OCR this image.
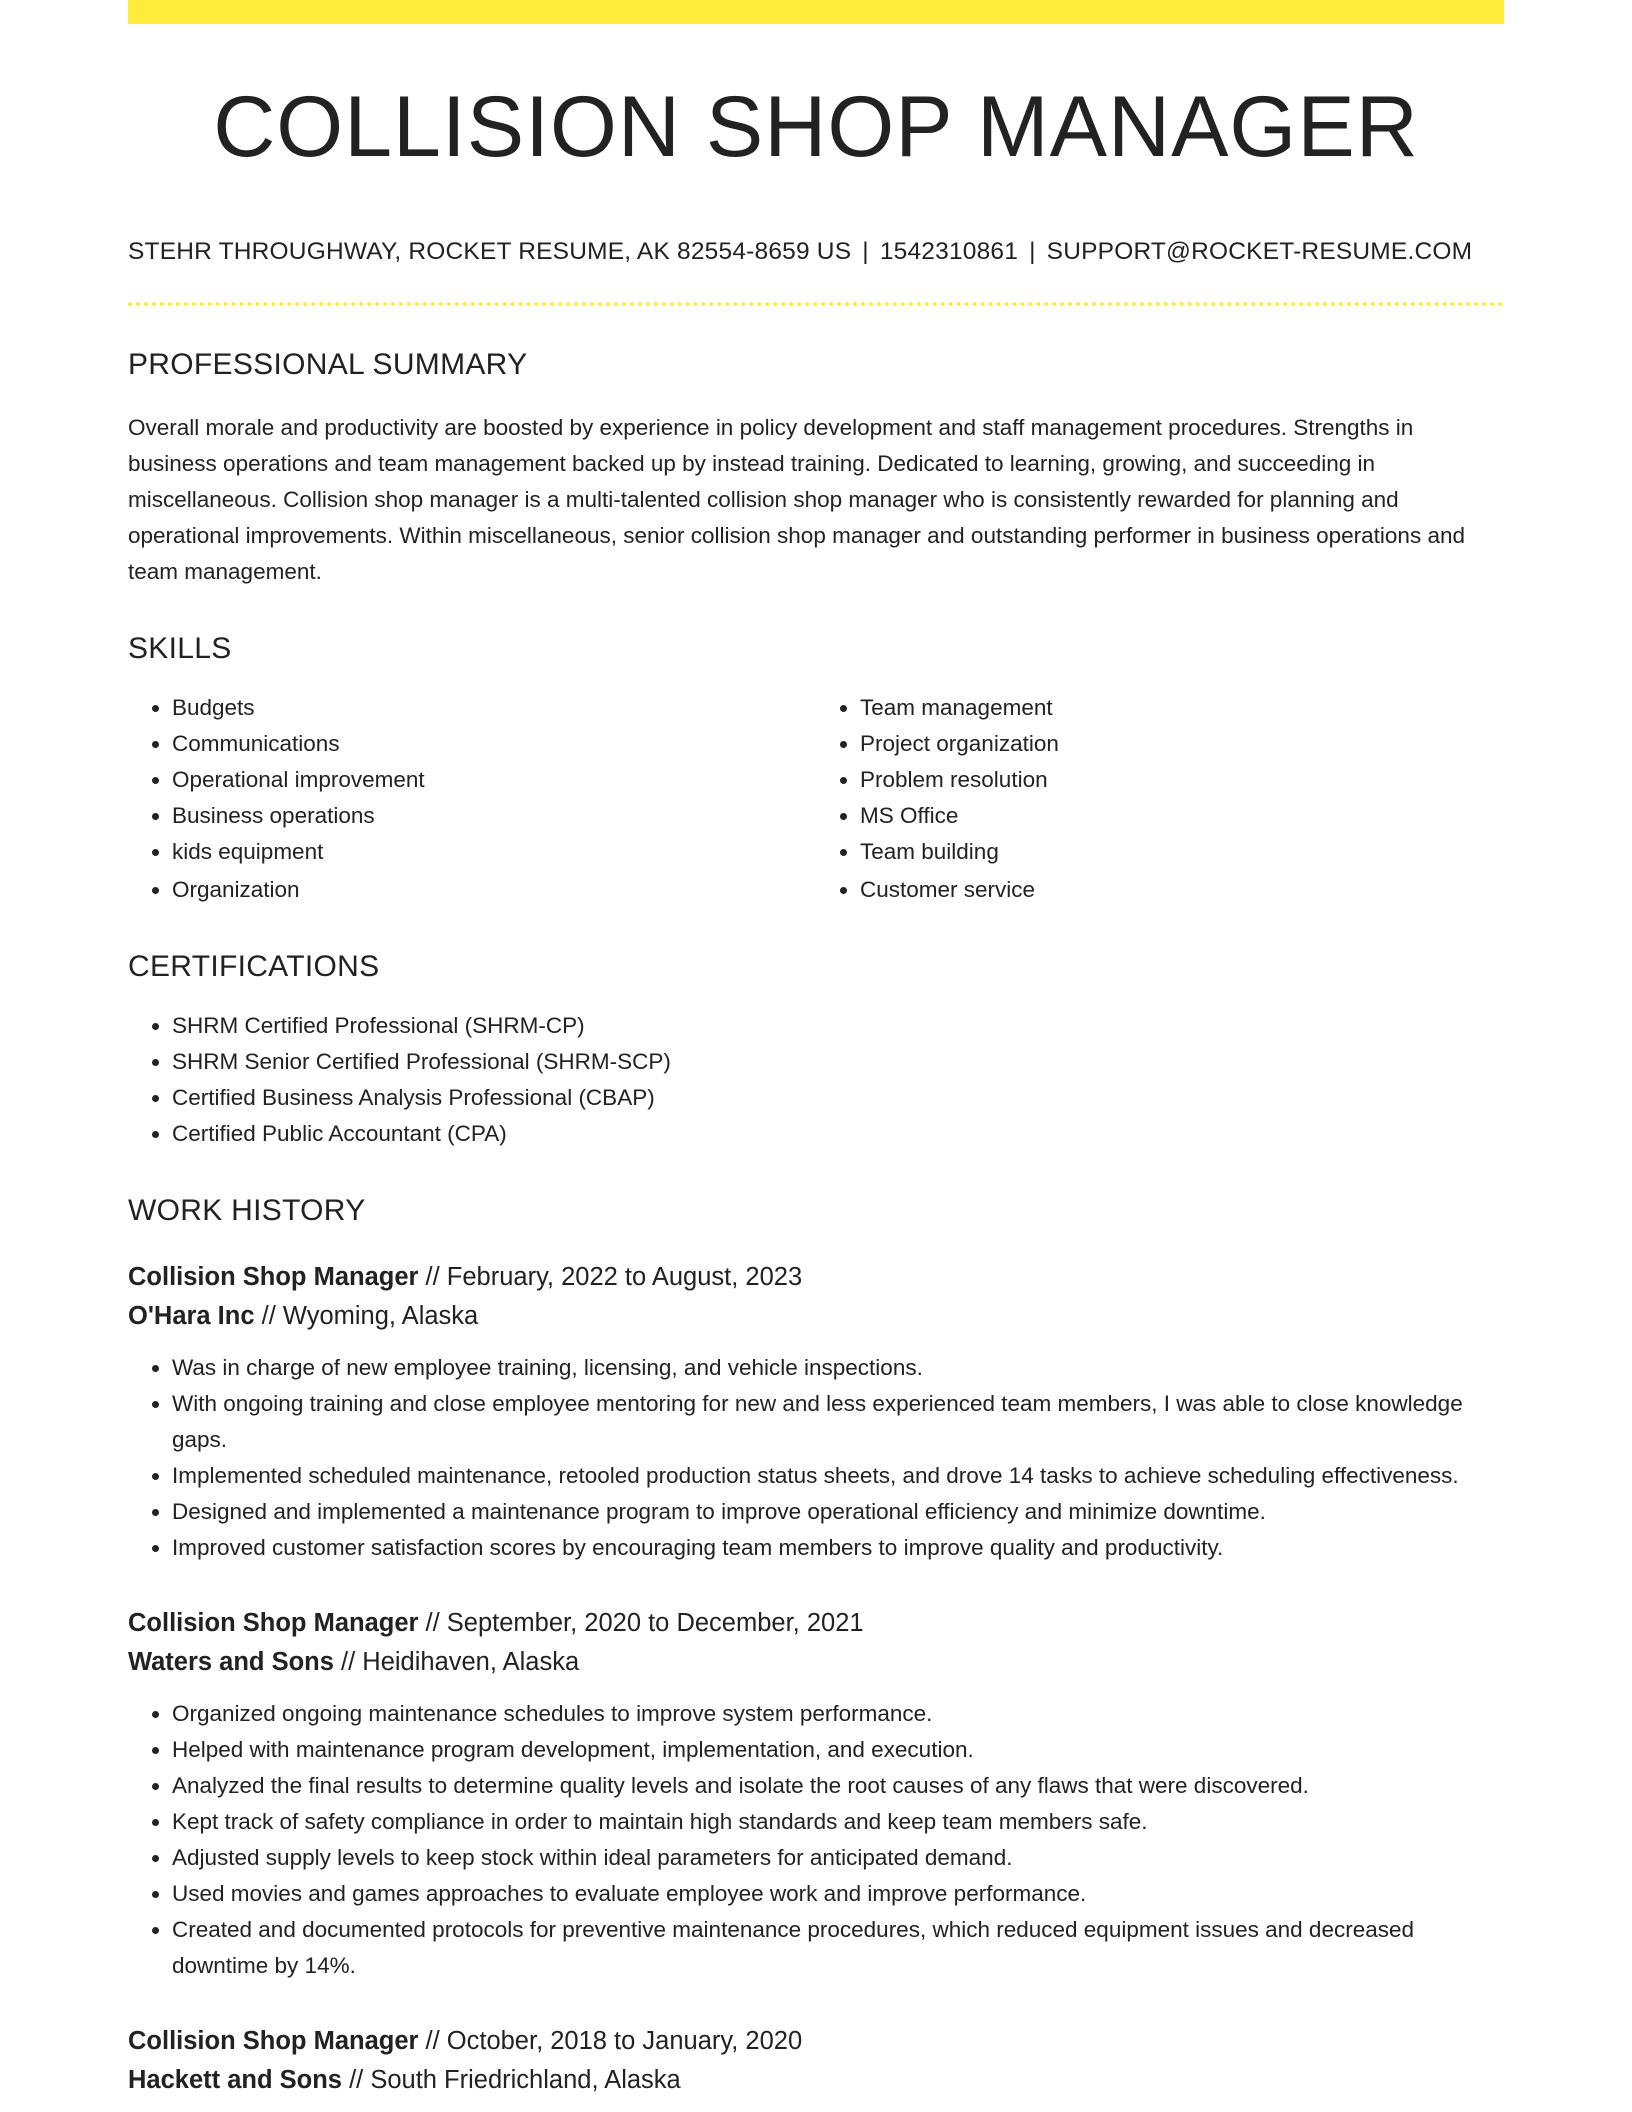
COLLISION SHOP MANAGER
STEHR THROUGHWAY, ROCKET RESUME, AK 82554-8659 US | 1542310861 | SUPPORT@ROCKET-RESUME.COM
PROFESSIONAL SUMMARY

Overall morale and productivity are boosted by experience in policy development and staff management procedures. Strengths in business operations and team management backed up by instead training. Dedicated to learning, growing, and succeeding in miscellaneous. Collision shop manager is a multi-talented collision shop manager who is consistently rewarded for planning and operational improvements. Within miscellaneous, senior collision shop manager and outstanding performer in business operations and team management.

SKILLS
• Budgets
• Communications
• Operational improvement
• Business operations
• kids equipment
• Organization
• Team management
• Project organization
• Problem resolution
• MS Office
• Team building
• Customer service
CERTIFICATIONS
• SHRM Certified Professional (SHRM-CP)
• SHRM Senior Certified Professional (SHRM-SCP)
• Certified Business Analysis Professional (CBAP)
• Certified Public Accountant (CPA)
WORK HISTORY
Collision Shop Manager // February, 2022 to August, 2023
O'Hara Inc // Wyoming, Alaska
• Was in charge of new employee training, licensing, and vehicle inspections.
• With ongoing training and close employee mentoring for new and less experienced team members, I was able to close knowledge gaps.
• Implemented scheduled maintenance, retooled production status sheets, and drove 14 tasks to achieve scheduling effectiveness.
• Designed and implemented a maintenance program to improve operational efficiency and minimize downtime.
• Improved customer satisfaction scores by encouraging team members to improve quality and productivity.
Collision Shop Manager // September, 2020 to December, 2021
Waters and Sons // Heidihaven, Alaska
• Organized ongoing maintenance schedules to improve system performance.
• Helped with maintenance program development, implementation, and execution.
• Analyzed the final results to determine quality levels and isolate the root causes of any flaws that were discovered.
• Kept track of safety compliance in order to maintain high standards and keep team members safe.
• Adjusted supply levels to keep stock within ideal parameters for anticipated demand.
• Used movies and games approaches to evaluate employee work and improve performance.
• Created and documented protocols for preventive maintenance procedures, which reduced equipment issues and decreased downtime by 14%.
Collision Shop Manager // October, 2018 to January, 2020
Hackett and Sons // South Friedrichland, Alaska
